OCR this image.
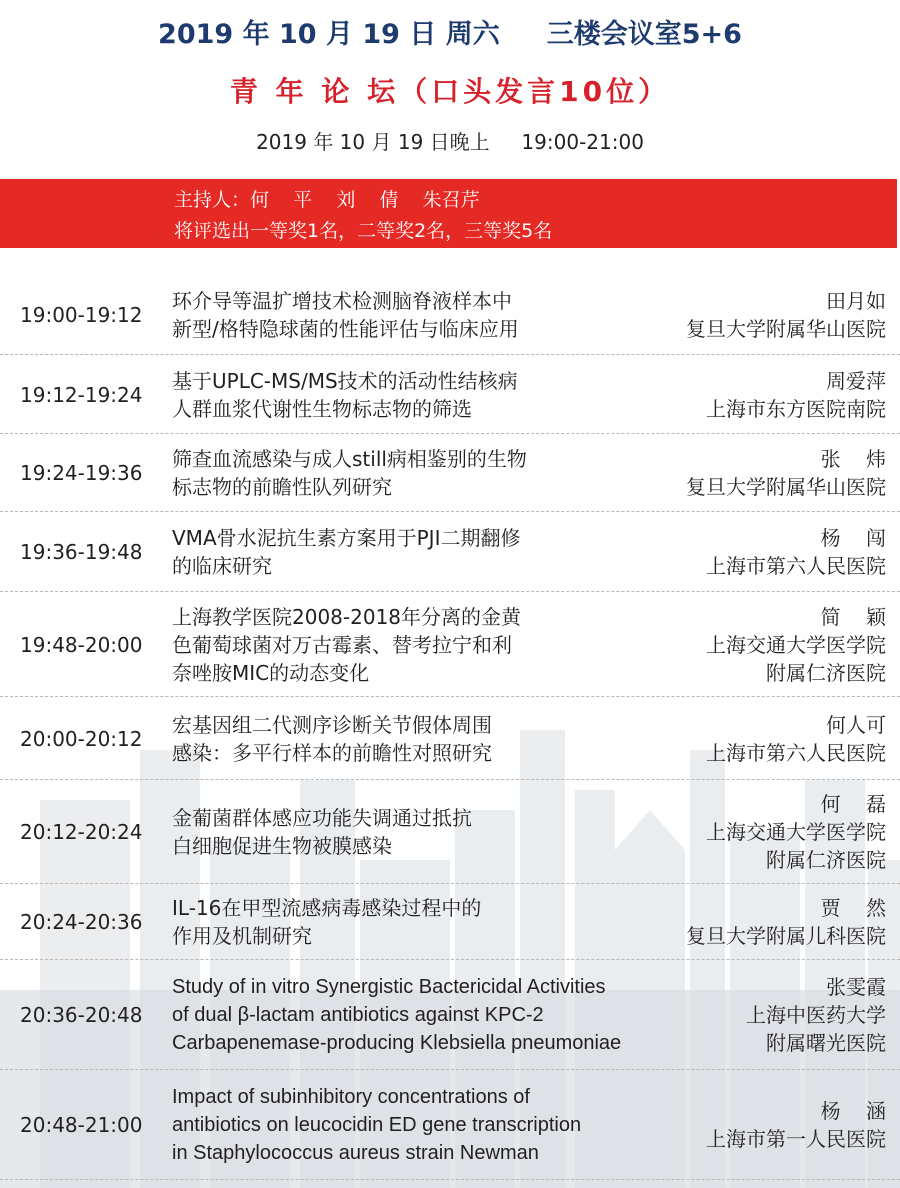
2019 年 10 月 19 日 周六     三楼会议室5+6
青 年 论 坛（口头发言10位）
2019 年 10 月 19 日晚上     19:00-21:00
主持人：何    平    刘    倩    朱召芹
将评选出一等奖1名，二等奖2名，三等奖5名
19:00-19:12
环介导等温扩增技术检测脑脊液样本中
新型/格特隐球菌的性能评估与临床应用
田月如
复旦大学附属华山医院
19:12-19:24
基于UPLC-MS/MS技术的活动性结核病
人群血浆代谢性生物标志物的筛选
周爱萍
上海市东方医院南院
19:24-19:36
筛查血流感染与成人still病相鉴别的生物
标志物的前瞻性队列研究
张    炜
复旦大学附属华山医院
19:36-19:48
VMA骨水泥抗生素方案用于PJI二期翻修
的临床研究
杨    闯
上海市第六人民医院
19:48-20:00
上海教学医院2008-2018年分离的金黄
色葡萄球菌对万古霉素、替考拉宁和利
奈唑胺MIC的动态变化
简    颖
上海交通大学医学院
附属仁济医院
20:00-20:12
宏基因组二代测序诊断关节假体周围
感染：多平行样本的前瞻性对照研究
何人可
上海市第六人民医院
20:12-20:24
金葡菌群体感应功能失调通过抵抗
白细胞促进生物被膜感染
何    磊
上海交通大学医学院
附属仁济医院
20:24-20:36
IL-16在甲型流感病毒感染过程中的
作用及机制研究
贾    然
复旦大学附属儿科医院
20:36-20:48
Study of in vitro Synergistic Bactericidal Activities
of dual β-lactam antibiotics against KPC-2
Carbapenemase-producing Klebsiella pneumoniae
张雯霞
上海中医药大学
附属曙光医院
20:48-21:00
Impact of subinhibitory concentrations of
antibiotics on leucocidin ED gene transcription
in Staphylococcus aureus strain Newman
杨    涵
上海市第一人民医院
